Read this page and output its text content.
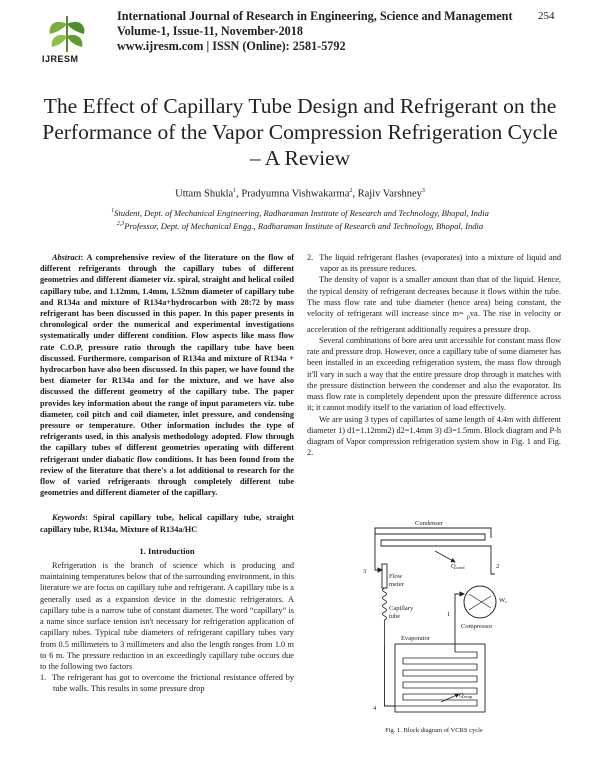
IJRESM
International Journal of Research in Engineering, Science and Management
Volume-1, Issue-11, November-2018
www.ijresm.com | ISSN (Online): 2581-5792
254
The Effect of Capillary Tube Design and Refrigerant on the Performance of the Vapor Compression Refrigeration Cycle – A Review
Uttam Shukla$^1$, Pradyumna Vishwakarma$^2$, Rajiv Varshney$^3$
$^1$Student, Dept. of Mechanical Engineering, Radharaman Institute of Research and Technology, Bhopal, India
$^{2,3}$Professor, Dept. of Mechanical Engg., Radharaman Institute of Research and Technology, Bhopal, India

Abstract: A comprehensive review of the literature on the flow of different refrigerants through the capillary tubes of different geometries and different diameter viz. spiral, straight and helical coiled capillary tube, and 1.12mm, 1.4mm, 1.52mm diameter of capillary tube and R134a and mixture of R134a+hydrocarbon with 28:72 by mass refrigerant has been discussed in this paper. In this paper presents in chronological order the numerical and experimental investigations systematically under different condition. Flow aspects like mass flow rate C.O.P, pressure ratio through the capillary tube have been discussed. Furthermore, comparison of R134a and mixture of R134a + hydrocarbon have also been discussed. In this paper, we have found the best diameter for R134a and for the mixture, and we have also discussed the different geometry of the capillary tube. The paper provides key information about the range of input parameters viz. tube diameter, coil pitch and coil diameter, inlet pressure, and condensing pressure or temperature. Other information includes the type of refrigerants used, in this analysis methodology adopted. Flow through the capillary tubes of different geometries operating with different refrigerant under diabatic flow conditions. It has been found from the review of the literature that there's a lot additional to research for the flow of varied refrigerants through completely different tube geometries and different diameter of the capillary.

Keywords: Spiral capillary tube, helical capillary tube, straight capillary tube, R134a, Mixture of R134a/HC

1. Introduction

Refrigeration is the branch of science which is producing and maintaining temperatures below that of the surrounding environment, in this literature we are focus on capillary tube and refrigerant. A capillary tube is a generally used as a expansion device in the domestic refrigerators. A capillary tube is a narrow tube of constant diameter. The word “capillary” is a name since surface tension isn't necessary for refrigeration application of capillary tubes. Typical tube diameters of refrigerant capillary tubes vary from 0.5 millimeters to 3 millimeters and also the length ranges from 1.0 m to 6 m. The pressure reduction in an exceedingly capillary tube occurs due to the following two factors

1. The refrigerant has got to overcome the frictional resistance offered by tube walls. This results in some pressure drop

2. The liquid refrigerant flashes (evaporates) into a mixture of liquid and vapor as its pressure reduces.

The density of vapor is a smaller amount than that of the liquid. Hence, the typical density of refrigerant decreases because it flows within the tube. The mass flow rate and tube diameter (hence area) being constant, the velocity of refrigerant will increase since m= $_\rho$va. The rise in velocity or acceleration of the refrigerant additionally requires a pressure drop.

Several combinations of bore area unit accessible for constant mass flow rate and pressure drop. However, once a capillary tube of some diameter has been installed in an exceeding refrigeration system, the mass flow through it'll vary in such a way that the entire pressure drop through it matches with the pressure distinction between the condenser and also the evaporator. Its mass flow rate is completely dependent upon the pressure difference across it; it cannot modify itself to the variation of load effectively.

We are using 3 types of capillaries of same length of 4.4m with different diameter 1) d1=1.12mm2) d2=1.4mm 3) d3=1.5mm. Block diagram and P-h diagram of Vapor compression refrigeration system show in Fig. 1 and Fig. 2.

Condenser
Qcond
3
Flow
meter
Capillary
tube
4
Evaporator
Qevap
2
Wc
Compressor
1
Fig. 1. Block diagram of VCRS cycle
